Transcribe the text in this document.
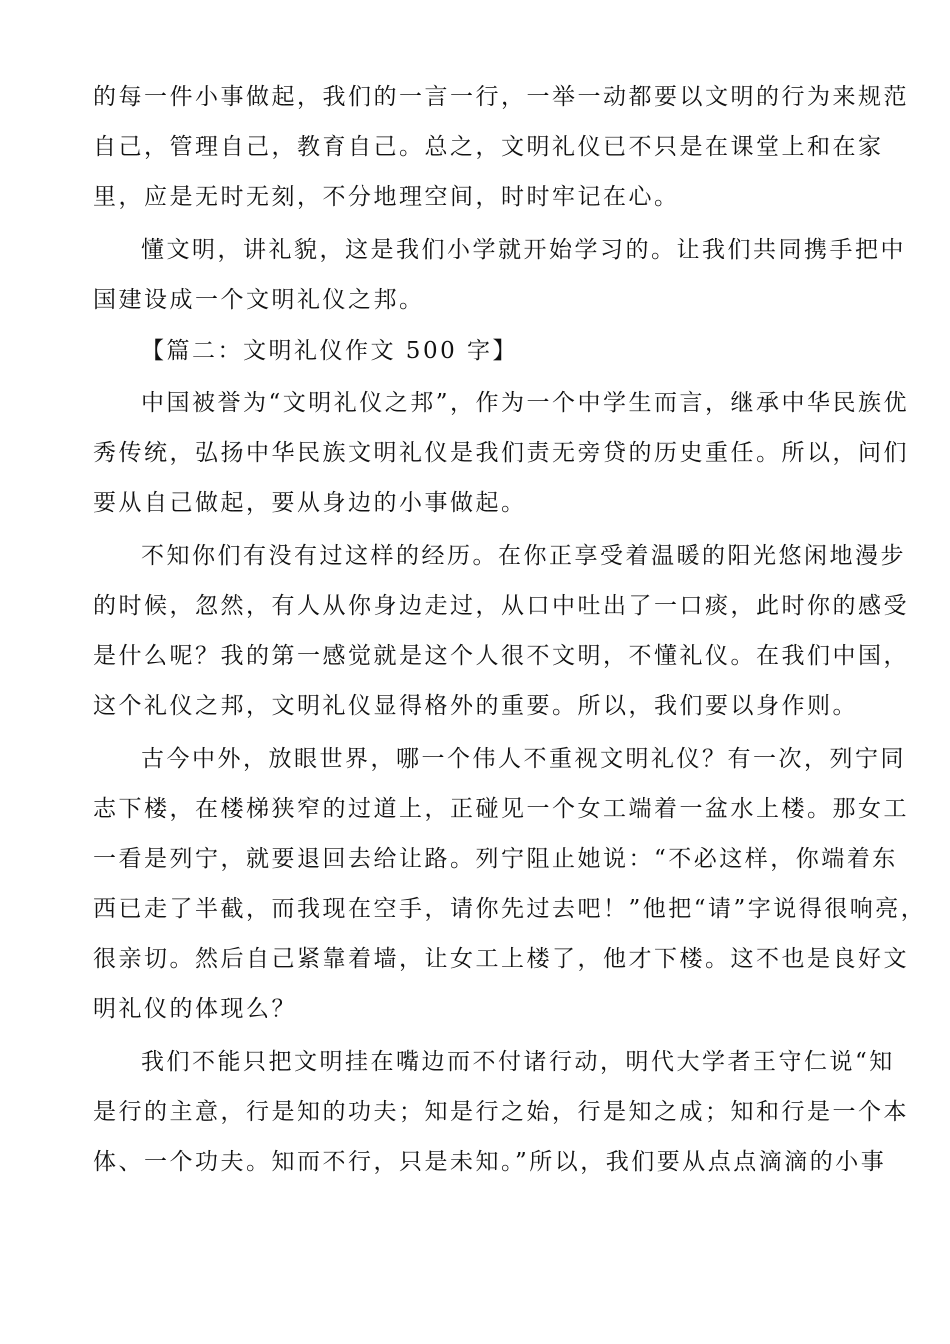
的每一件小事做起，我们的一言一行，一举一动都要以文明的行为来规范
自己，管理自己，教育自己。总之，文明礼仪已不只是在课堂上和在家
里，应是无时无刻，不分地理空间，时时牢记在心。
懂文明，讲礼貌，这是我们小学就开始学习的。让我们共同携手把中
国建设成一个文明礼仪之邦。
【篇二：文明礼仪作文 500 字】
中国被誉为“文明礼仪之邦”，作为一个中学生而言，继承中华民族优
秀传统，弘扬中华民族文明礼仪是我们责无旁贷的历史重任。所以，问们
要从自己做起，要从身边的小事做起。
不知你们有没有过这样的经历。在你正享受着温暖的阳光悠闲地漫步
的时候，忽然，有人从你身边走过，从口中吐出了一口痰，此时你的感受
是什么呢？我的第一感觉就是这个人很不文明，不懂礼仪。在我们中国，
这个礼仪之邦，文明礼仪显得格外的重要。所以，我们要以身作则。
古今中外，放眼世界，哪一个伟人不重视文明礼仪？有一次，列宁同
志下楼，在楼梯狭窄的过道上，正碰见一个女工端着一盆水上楼。那女工
一看是列宁，就要退回去给让路。列宁阻止她说：“不必这样，你端着东
西已走了半截，而我现在空手，请你先过去吧！”他把“请”字说得很响亮，
很亲切。然后自己紧靠着墙，让女工上楼了，他才下楼。这不也是良好文
明礼仪的体现么？
我们不能只把文明挂在嘴边而不付诸行动，明代大学者王守仁说“知
是行的主意，行是知的功夫；知是行之始，行是知之成；知和行是一个本
体、一个功夫。知而不行，只是未知。”所以，我们要从点点滴滴的小事
